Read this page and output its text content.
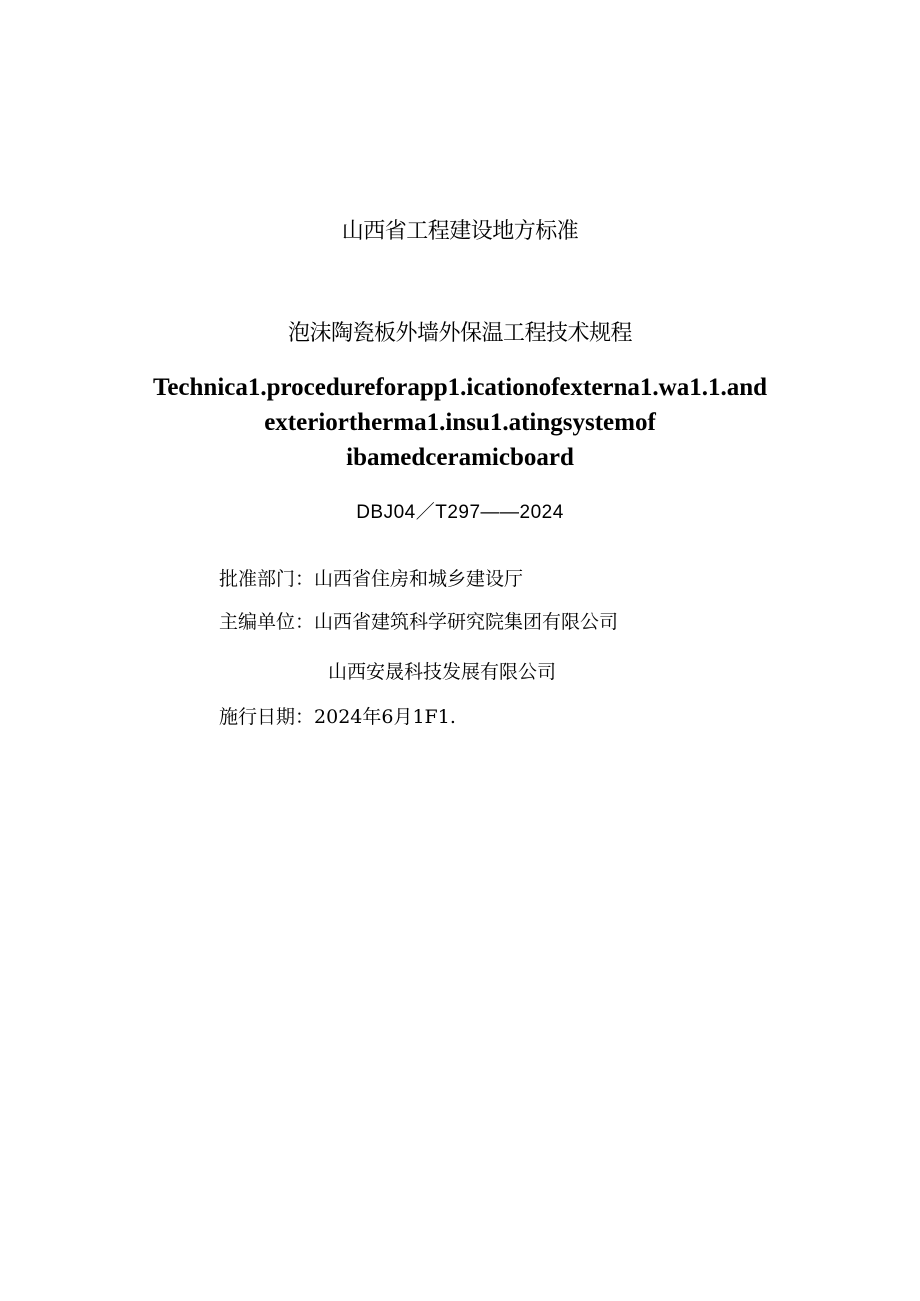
山西省工程建设地方标准
泡沫陶瓷板外墙外保温工程技术规程
Technica1.procedureforapp1.icationofexterna1.wa1.1.and
exteriortherma1.insu1.atingsystemof
ibamedceramicboard
DBJ04／T297——2024
批准部门：山西省住房和城乡建设厅
主编单位：山西省建筑科学研究院集团有限公司
山西安晟科技发展有限公司
施行日期：2024年6月1F1.
